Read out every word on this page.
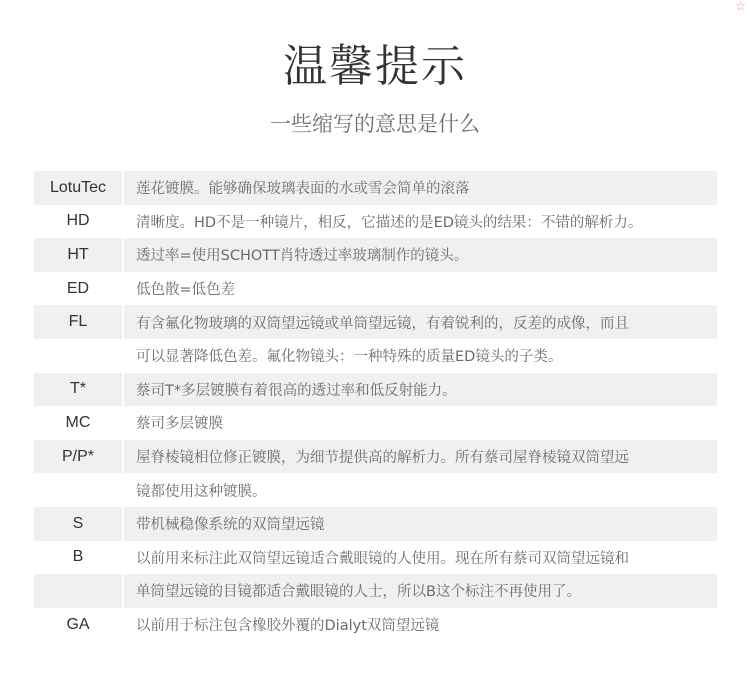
☆
温馨提示
一些缩写的意思是什么
LotuTec	莲花镀膜。能够确保玻璃表面的水或雪会简单的滚落
HD	清晰度。HD不是一种镜片，相反，它描述的是ED镜头的结果：不错的解析力。
HT	透过率=使用SCHOTT肖特透过率玻璃制作的镜头。
ED	低色散=低色差
FL	有含氟化物玻璃的双筒望远镜或单筒望远镜，有着锐利的，反差的成像，而且
可以显著降低色差。氟化物镜头：一种特殊的质量ED镜头的子类。
T*	蔡司T*多层镀膜有着很高的透过率和低反射能力。
MC	蔡司多层镀膜
P/P*	屋脊棱镜相位修正镀膜，为细节提供高的解析力。所有蔡司屋脊棱镜双筒望远
镜都使用这种镀膜。
S	带机械稳像系统的双筒望远镜
B	以前用来标注此双筒望远镜适合戴眼镜的人使用。现在所有蔡司双筒望远镜和
单筒望远镜的目镜都适合戴眼镜的人士，所以B这个标注不再使用了。
GA	以前用于标注包含橡胶外覆的Dialyt双筒望远镜
